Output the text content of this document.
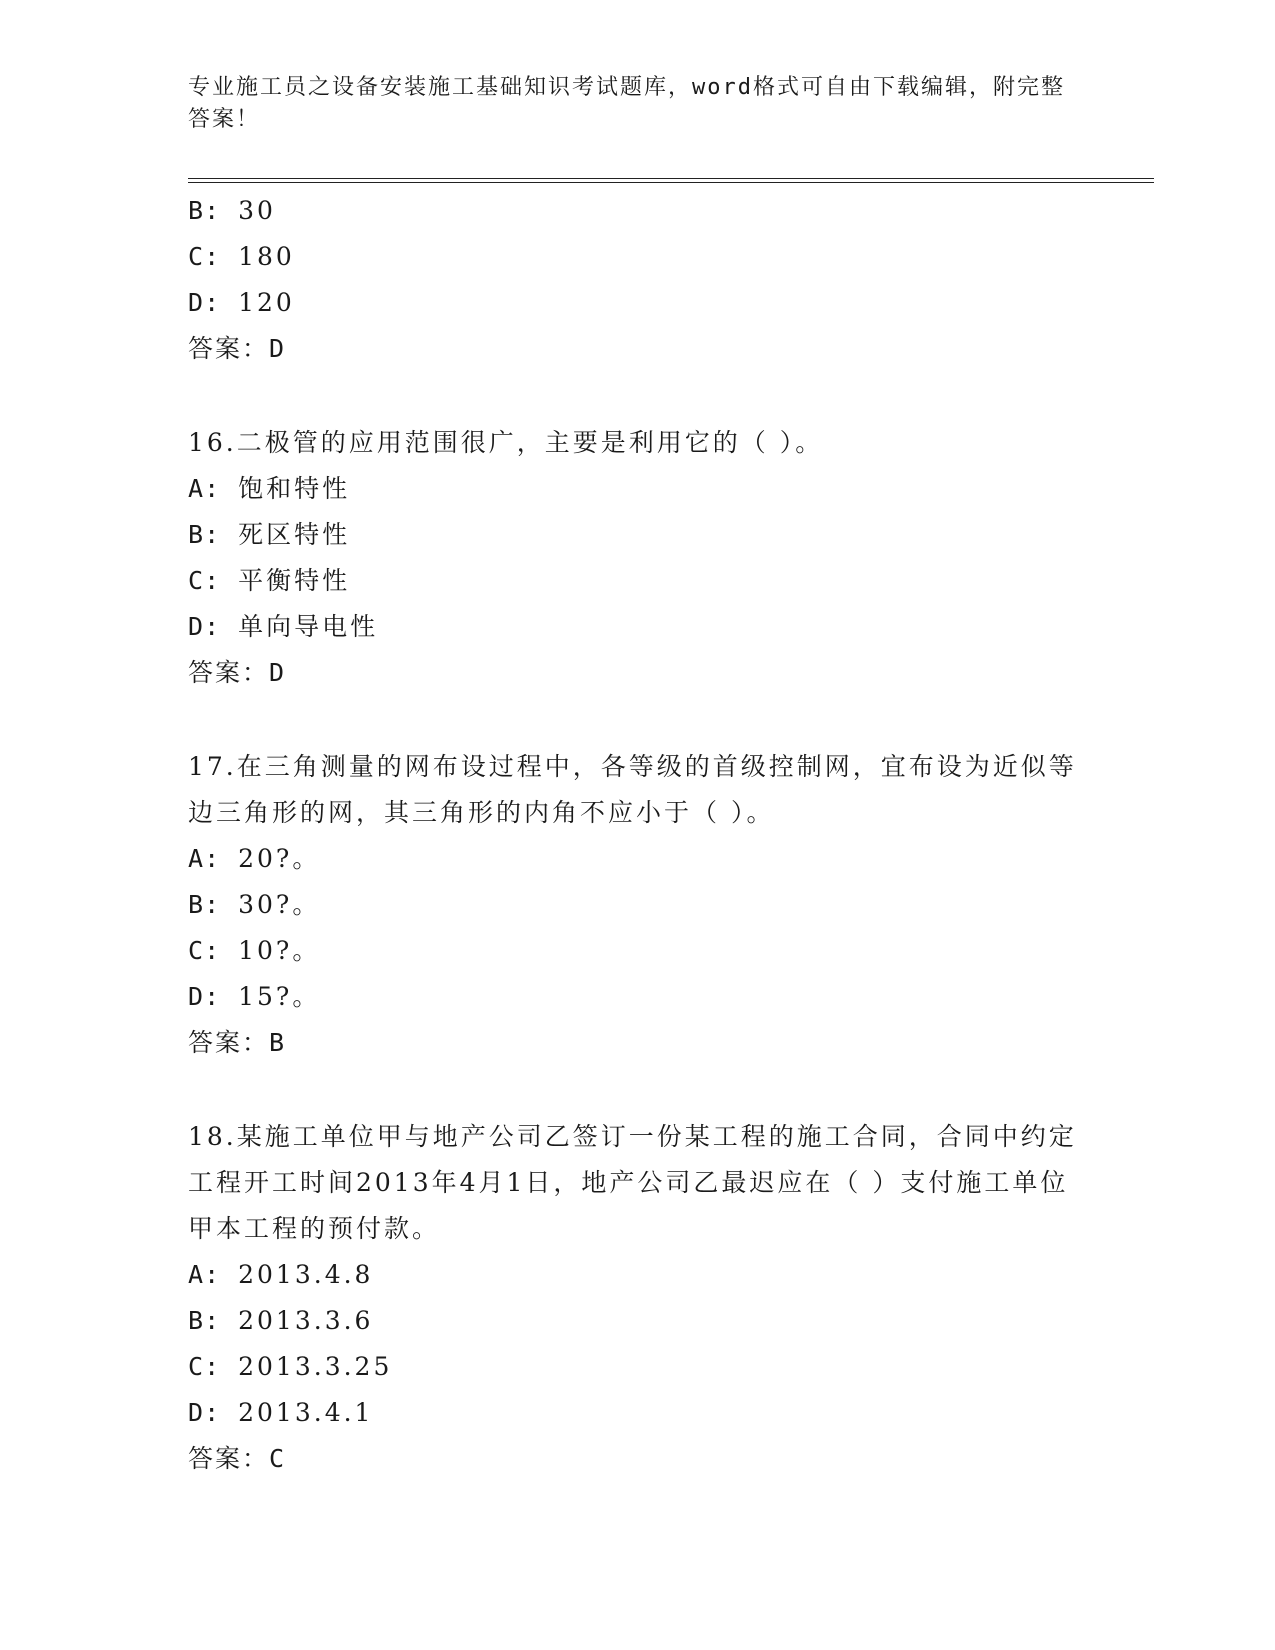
专业施工员之设备安装施工基础知识考试题库，word格式可自由下载编辑，附完整答案！

B: 30
C: 180
D: 120

答案：D

16.二极管的应用范围很广，主要是利用它的（ ）。

A: 饱和特性
B: 死区特性
C: 平衡特性
D: 单向导电性

答案：D

17.在三角测量的网布设过程中，各等级的首级控制网，宜布设为近似等边三角形的网，其三角形的内角不应小于（ ）。

A: 20?。
B: 30?。
C: 10?。
D: 15?。

答案：B

18.某施工单位甲与地产公司乙签订一份某工程的施工合同，合同中约定工程开工时间2013年4月1日，地产公司乙最迟应在（ ）支付施工单位甲本工程的预付款。

A: 2013.4.8
B: 2013.3.6
C: 2013.3.25
D: 2013.4.1

答案：C
